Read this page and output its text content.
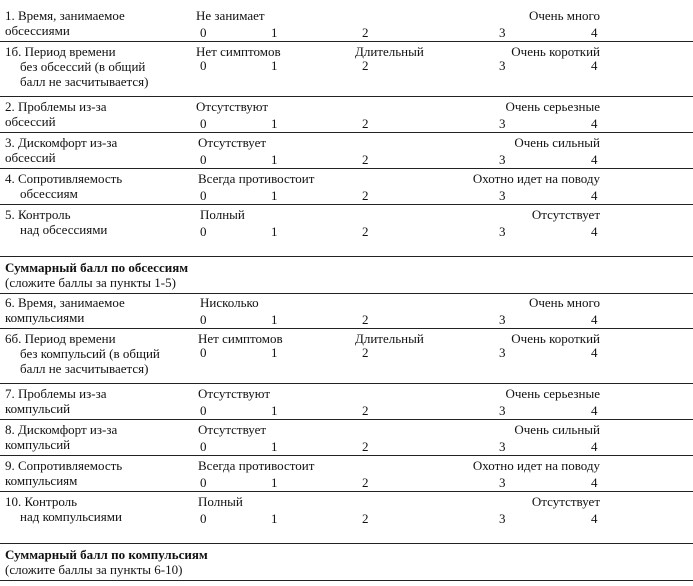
1. Время, занимаемое
обсессиями
Не занимает	Очень много
0	1	2	3	4
1б. Период времени
без обсессий (в общий
балл не засчитывается)
Нет симптомов	Длительный	Очень короткий
0	1	2	3	4
2. Проблемы из-за
обсессий
Отсутствуют	Очень серьезные
0	1	2	3	4
3. Дискомфорт из-за
обсессий
Отсутствует	Очень сильный
0	1	2	3	4
4. Сопротивляемость
обсессиям
Всегда противостоит	Охотно идет на поводу
0	1	2	3	4
5. Контроль
над обсессиями
Полный	Отсутствует
0	1	2	3	4
6. Время, занимаемое
компульсиями
Нисколько	Очень много
0	1	2	3	4
6б. Период времени
без компульсий (в общий
балл не засчитывается)
Нет симптомов	Длительный	Очень короткий
0	1	2	3	4
7. Проблемы из-за
компульсий
Отсутствуют	Очень серьезные
0	1	2	3	4
8. Дискомфорт из-за
компульсий
Отсутствует	Очень сильный
0	1	2	3	4
9. Сопротивляемость
компульсиям
Всегда противостоит	Охотно идет на поводу
0	1	2	3	4
10. Контроль
над компульсиями
Полный	Отсутствует
0	1	2	3	4
Суммарный балл по обсессиям
(сложите баллы за пункты 1-5)
Суммарный балл по компульсиям
(сложите баллы за пункты 6-10)
